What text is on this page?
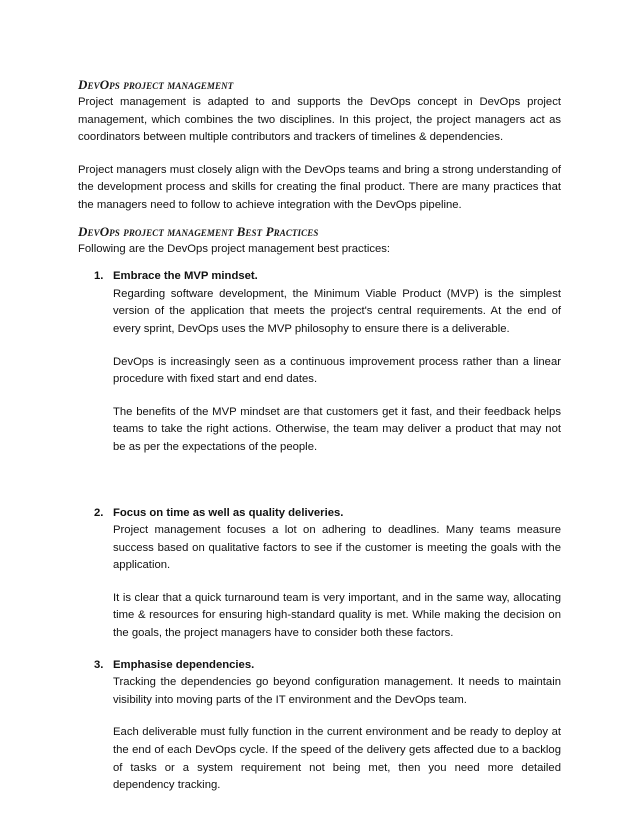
DevOps project management

Project management is adapted to and supports the DevOps concept in DevOps project management, which combines the two disciplines. In this project, the project managers act as coordinators between multiple contributors and trackers of timelines & dependencies.

Project managers must closely align with the DevOps teams and bring a strong understanding of the development process and skills for creating the final product. There are many practices that the managers need to follow to achieve integration with the DevOps pipeline.

DevOps project management Best Practices

Following are the DevOps project management best practices:

1. Embrace the MVP mindset.

Regarding software development, the Minimum Viable Product (MVP) is the simplest version of the application that meets the project's central requirements. At the end of every sprint, DevOps uses the MVP philosophy to ensure there is a deliverable.

DevOps is increasingly seen as a continuous improvement process rather than a linear procedure with fixed start and end dates.

The benefits of the MVP mindset are that customers get it fast, and their feedback helps teams to take the right actions. Otherwise, the team may deliver a product that may not be as per the expectations of the people.

2. Focus on time as well as quality deliveries.

Project management focuses a lot on adhering to deadlines. Many teams measure success based on qualitative factors to see if the customer is meeting the goals with the application.

It is clear that a quick turnaround team is very important, and in the same way, allocating time & resources for ensuring high-standard quality is met. While making the decision on the goals, the project managers have to consider both these factors.

3. Emphasise dependencies.

Tracking the dependencies go beyond configuration management. It needs to maintain visibility into moving parts of the IT environment and the DevOps team.

Each deliverable must fully function in the current environment and be ready to deploy at the end of each DevOps cycle. If the speed of the delivery gets affected due to a backlog of tasks or a system requirement not being met, then you need more detailed dependency tracking.
